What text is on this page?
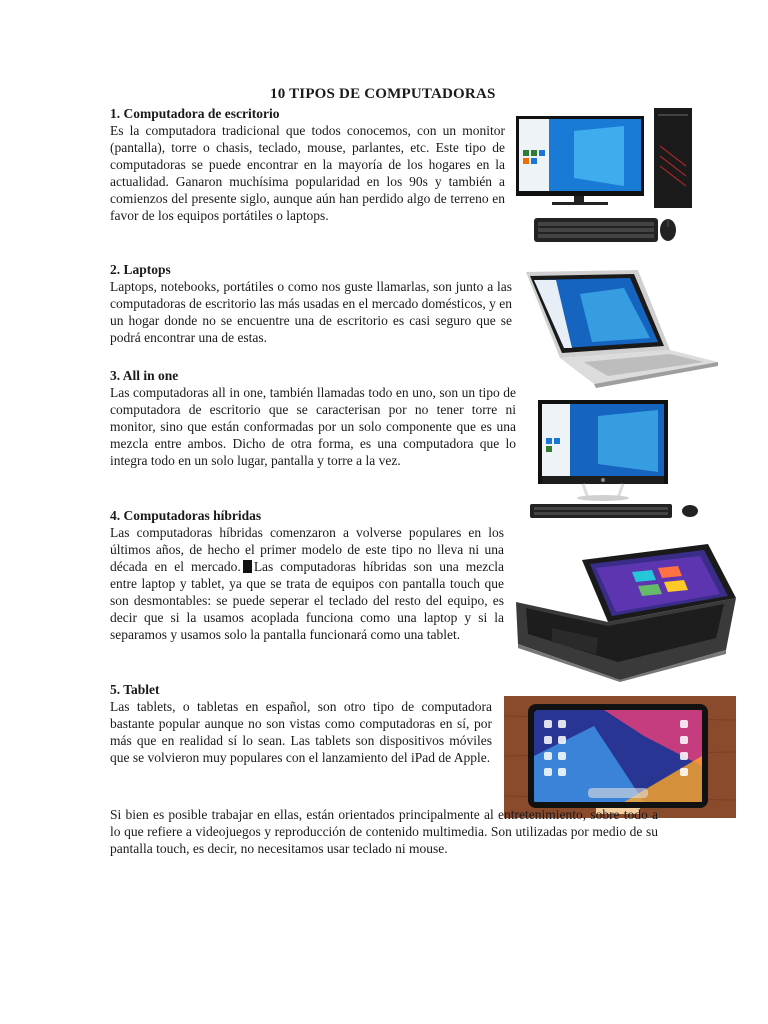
10 TIPOS DE COMPUTADORAS
1. Computadora de escritorio
Es la computadora tradicional que todos conocemos, con un monitor (pantalla), torre o chasis, teclado, mouse, parlantes, etc. Este tipo de computadoras se puede encontrar en la mayoría de los hogares en la actualidad. Ganaron muchísima popularidad en los 90s y también a comienzos del presente siglo, aunque aún han perdido algo de terreno en favor de los equipos portátiles o laptops.
2. Laptops
Laptops, notebooks, portátiles o como nos guste llamarlas, son junto a las computadoras de escritorio las más usadas en el mercado domésticos, y en un hogar donde no se encuentre una de escritorio es casi seguro que se podrá encontrar una de estas.
3. All in one
Las computadoras all in one, también llamadas todo en uno, son un tipo de computadora de escritorio que se caracterisan por no tener torre ni monitor, sino que están conformadas por un solo componente que es una mezcla entre ambos. Dicho de otra forma, es una computadora que lo integra todo en un solo lugar, pantalla y torre a la vez.
4. Computadoras híbridas
Las computadoras híbridas comenzaron a volverse populares en los últimos años, de hecho el primer modelo de este tipo no lleva ni una década en el mercado. Las computadoras híbridas son una mezcla entre laptop y tablet, ya que se trata de equipos con pantalla touch que son desmontables: se puede seperar el teclado del resto del equipo, es decir que si la usamos acoplada funciona como una laptop y si la separamos y usamos solo la pantalla funcionará como una tablet.
5. Tablet
Las tablets, o tabletas en español, son otro tipo de computadora bastante popular aunque no son vistas como computadoras en sí, por más que en realidad sí lo sean. Las tablets son dispositivos móviles que se volvieron muy populares con el lanzamiento del iPad de Apple.
Si bien es posible trabajar en ellas, están orientados principalmente al entretenimiento, sobre todo a lo que refiere a videojuegos y reproducción de contenido multimedia. Son utilizadas por medio de su pantalla touch, es decir, no necesitamos usar teclado ni mouse.
